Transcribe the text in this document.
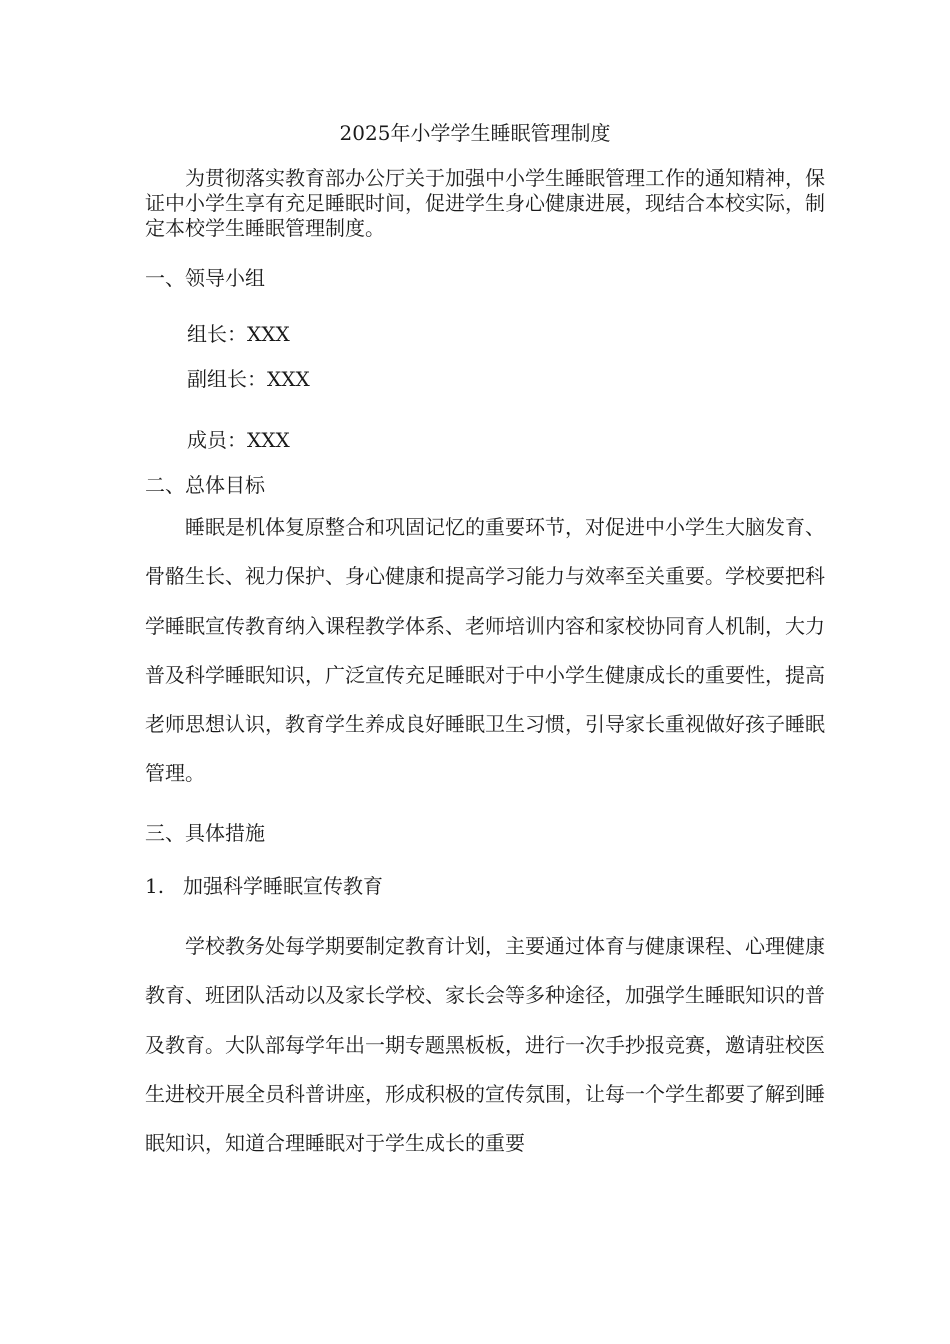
2025年小学学生睡眠管理制度

为贯彻落实教育部办公厅关于加强中小学生睡眠管理工作的通知精神，保证中小学生享有充足睡眠时间，促进学生身心健康进展，现结合本校实际，制定本校学生睡眠管理制度。

一、领导小组

组长：XXX

副组长：XXX

成员：XXX

二、总体目标

睡眠是机体复原整合和巩固记忆的重要环节，对促进中小学生大脑发育、骨骼生长、视力保护、身心健康和提高学习能力与效率至关重要。学校要把科学睡眠宣传教育纳入课程教学体系、老师培训内容和家校协同育人机制，大力普及科学睡眠知识，广泛宣传充足睡眠对于中小学生健康成长的重要性，提高老师思想认识，教育学生养成良好睡眠卫生习惯，引导家长重视做好孩子睡眠管理。

三、具体措施

1. 加强科学睡眠宣传教育

学校教务处每学期要制定教育计划，主要通过体育与健康课程、心理健康教育、班团队活动以及家长学校、家长会等多种途径，加强学生睡眠知识的普及教育。大队部每学年出一期专题黑板板，进行一次手抄报竞赛，邀请驻校医生进校开展全员科普讲座，形成积极的宣传氛围，让每一个学生都要了解到睡眠知识，知道合理睡眠对于学生成长的重要
